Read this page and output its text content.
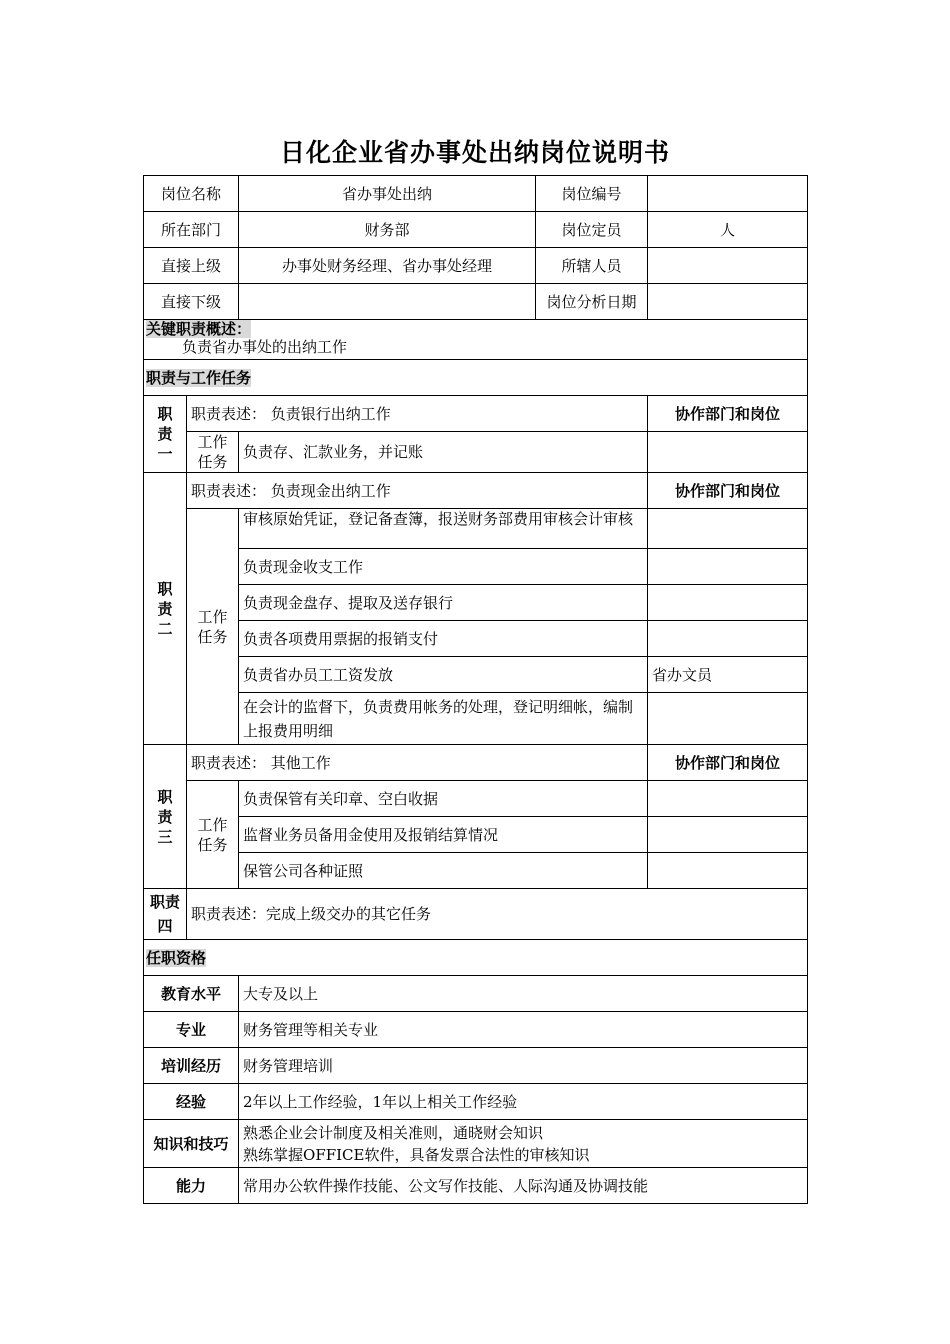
日化企业省办事处出纳岗位说明书
岗位名称		省办事处出纳	岗位编号	
所在部门		财务部	岗位定员	人
直接上级		办事处财务经理、省办事处经理	所辖人员	
直接下级			岗位分析日期	
关键职责概述：
负责省办事处的出纳工作				

职责与工作任务				
职责一	职责表述： 负责银行出纳工作			协作部门和岗位
	工作任务	负责存、汇款业务，并记账		
职责二	职责表述： 负责现金出纳工作			协作部门和岗位
	工作任务	审核原始凭证，登记备查簿，报送财务部费用审核会计审核		
		负责现金收支工作		
		负责现金盘存、提取及送存银行		
		负责各项费用票据的报销支付		
		负责省办员工工资发放		省办文员
		在会计的监督下，负责费用帐务的处理，登记明细帐，编制上报费用明细		
职责三	职责表述： 其他工作			协作部门和岗位
	工作任务	负责保管有关印章、空白收据		
		监督业务员备用金使用及报销结算情况		
		保管公司各种证照		
职责四	职责表述：完成上级交办的其它任务			
任职资格				
教育水平		大专及以上		
专业		财务管理等相关专业		
培训经历		财务管理培训		
经验		2年以上工作经验，1年以上相关工作经验		
知识和技巧		熟悉企业会计制度及相关准则，通晓财会知识
熟练掌握OFFICE软件，具备发票合法性的审核知识		

能力		常用办公软件操作技能、公文写作技能、人际沟通及协调技能		
